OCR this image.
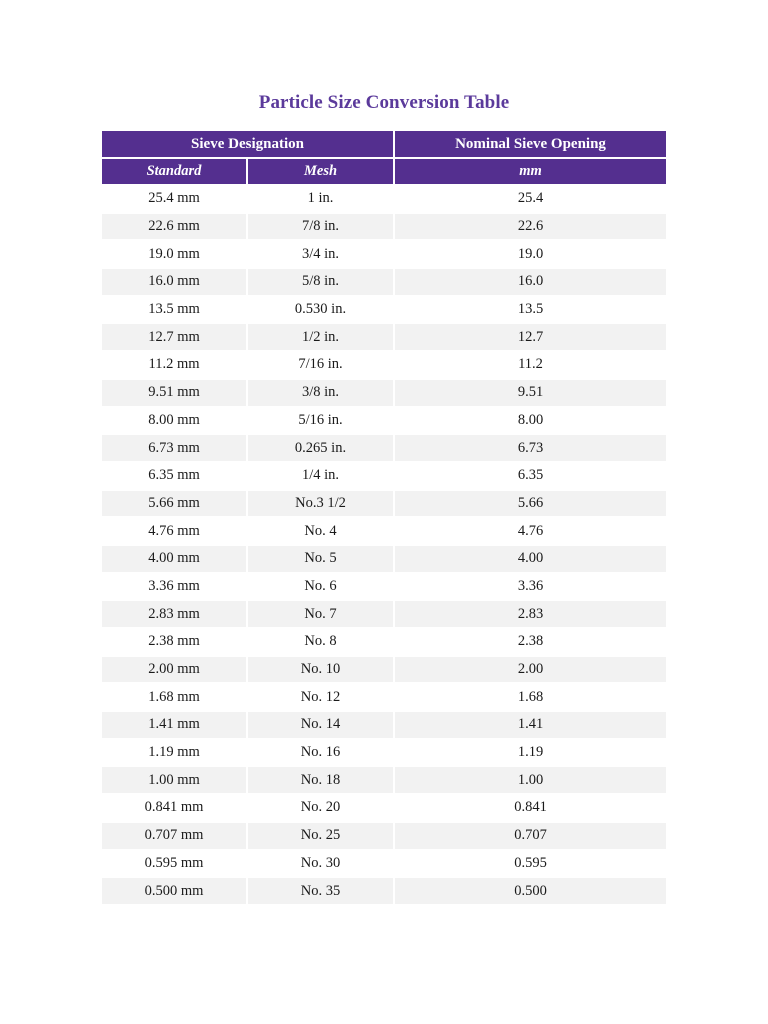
Particle Size Conversion Table
Sieve Designation		Nominal Sieve Opening
Standard	Mesh	mm
25.4 mm	1 in.	25.4
22.6 mm	7/8 in.	22.6
19.0 mm	3/4 in.	19.0
16.0 mm	5/8 in.	16.0
13.5 mm	0.530 in.	13.5
12.7 mm	1/2 in.	12.7
11.2 mm	7/16 in.	11.2
9.51 mm	3/8 in.	9.51
8.00 mm	5/16 in.	8.00
6.73 mm	0.265 in.	6.73
6.35 mm	1/4 in.	6.35
5.66 mm	No.3 1/2	5.66
4.76 mm	No. 4	4.76
4.00 mm	No. 5	4.00
3.36 mm	No. 6	3.36
2.83 mm	No. 7	2.83
2.38 mm	No. 8	2.38
2.00 mm	No. 10	2.00
1.68 mm	No. 12	1.68
1.41 mm	No. 14	1.41
1.19 mm	No. 16	1.19
1.00 mm	No. 18	1.00
0.841 mm	No. 20	0.841
0.707 mm	No. 25	0.707
0.595 mm	No. 30	0.595
0.500 mm	No. 35	0.500
